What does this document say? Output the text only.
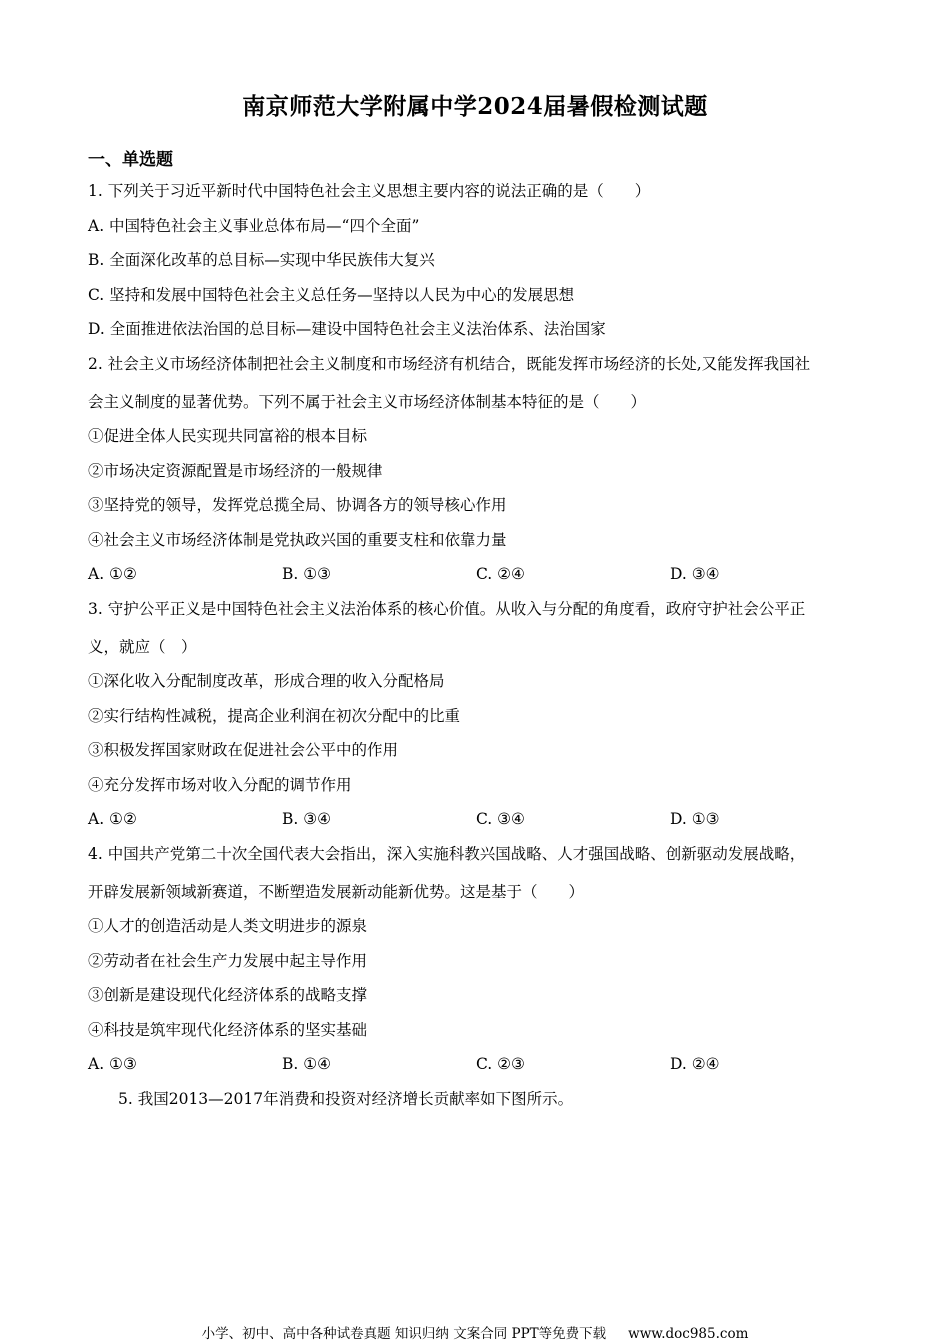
南京师范大学附属中学2024届暑假检测试题
一、单选题
1. 下列关于习近平新时代中国特色社会主义思想主要内容的说法正确的是（　　）
A. 中国特色社会主义事业总体布局—“四个全面”
B. 全面深化改革的总目标—实现中华民族伟大复兴
C. 坚持和发展中国特色社会主义总任务—坚持以人民为中心的发展思想
D. 全面推进依法治国的总目标—建设中国特色社会主义法治体系、法治国家
2. 社会主义市场经济体制把社会主义制度和市场经济有机结合，既能发挥市场经济的长处,又能发挥我国社
会主义制度的显著优势。下列不属于社会主义市场经济体制基本特征的是（　　）
①促进全体人民实现共同富裕的根本目标
②市场决定资源配置是市场经济的一般规律
③坚持党的领导，发挥党总揽全局、协调各方的领导核心作用
④社会主义市场经济体制是党执政兴国的重要支柱和依靠力量
A. ①②	B. ①③	C. ②④	D. ③④
3. 守护公平正义是中国特色社会主义法治体系的核心价值。从收入与分配的角度看，政府守护社会公平正
义，就应（　）
①深化收入分配制度改革，形成合理的收入分配格局
②实行结构性减税，提高企业利润在初次分配中的比重
③积极发挥国家财政在促进社会公平中的作用
④充分发挥市场对收入分配的调节作用
A. ①②	B. ③④	C. ③④	D. ①③
4. 中国共产党第二十次全国代表大会指出，深入实施科教兴国战略、人才强国战略、创新驱动发展战略，
开辟发展新领域新赛道，不断塑造发展新动能新优势。这是基于（　　）
①人才的创造活动是人类文明进步的源泉
②劳动者在社会生产力发展中起主导作用
③创新是建设现代化经济体系的战略支撑
④科技是筑牢现代化经济体系的坚实基础
A. ①③	B. ①④	C. ②③	D. ②④
5. 我国2013—2017年消费和投资对经济增长贡献率如下图所示。
小学、初中、高中各种试卷真题 知识归纳 文案合同 PPT等免费下载 www.doc985.com
